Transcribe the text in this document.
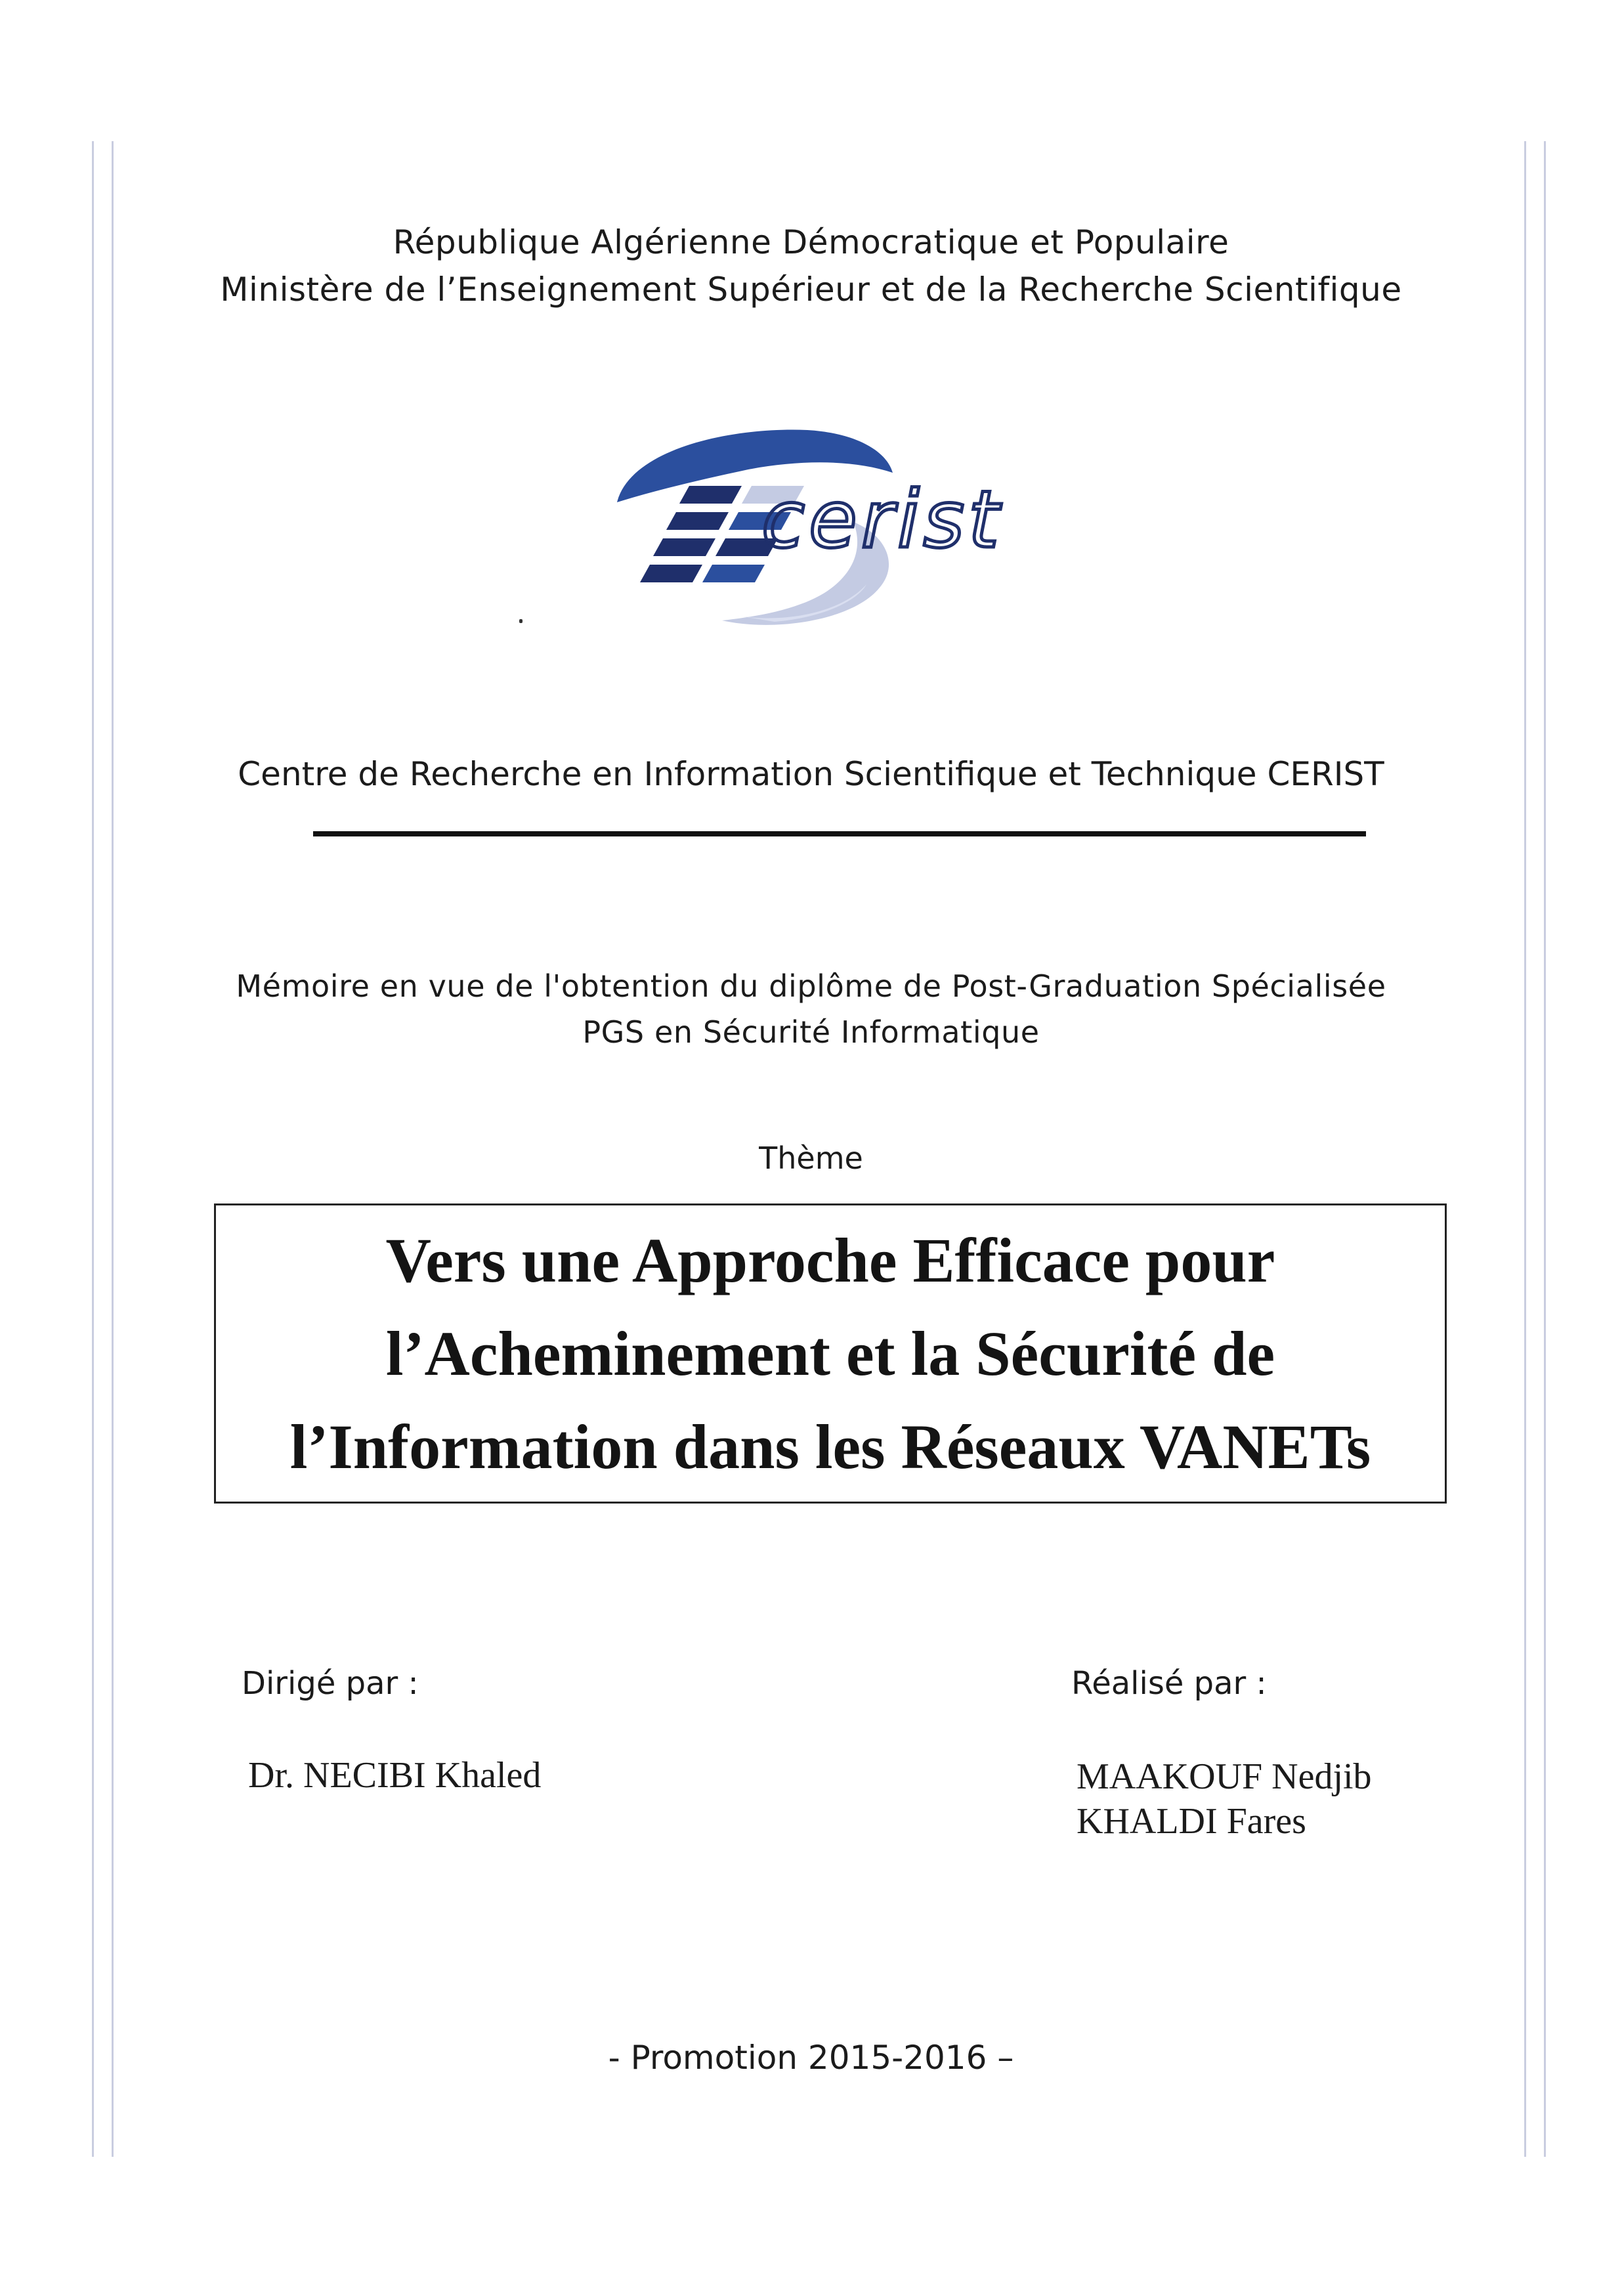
République Algérienne Démocratique et Populaire
Ministère de l’Enseignement Supérieur et de la Recherche Scientifique
cerist
Centre de Recherche en Information Scientifique et Technique CERIST
Mémoire en vue de l'obtention du diplôme de Post-Graduation Spécialisée
PGS en Sécurité Informatique
Thème
Vers une Approche Efficace pour
l’Acheminement et la Sécurité de
l’Information dans les Réseaux VANETs
Dirigé par :
Dr. NECIBI Khaled
Réalisé par :
MAAKOUF Nedjib
KHALDI Fares
- Promotion 2015-2016 –
